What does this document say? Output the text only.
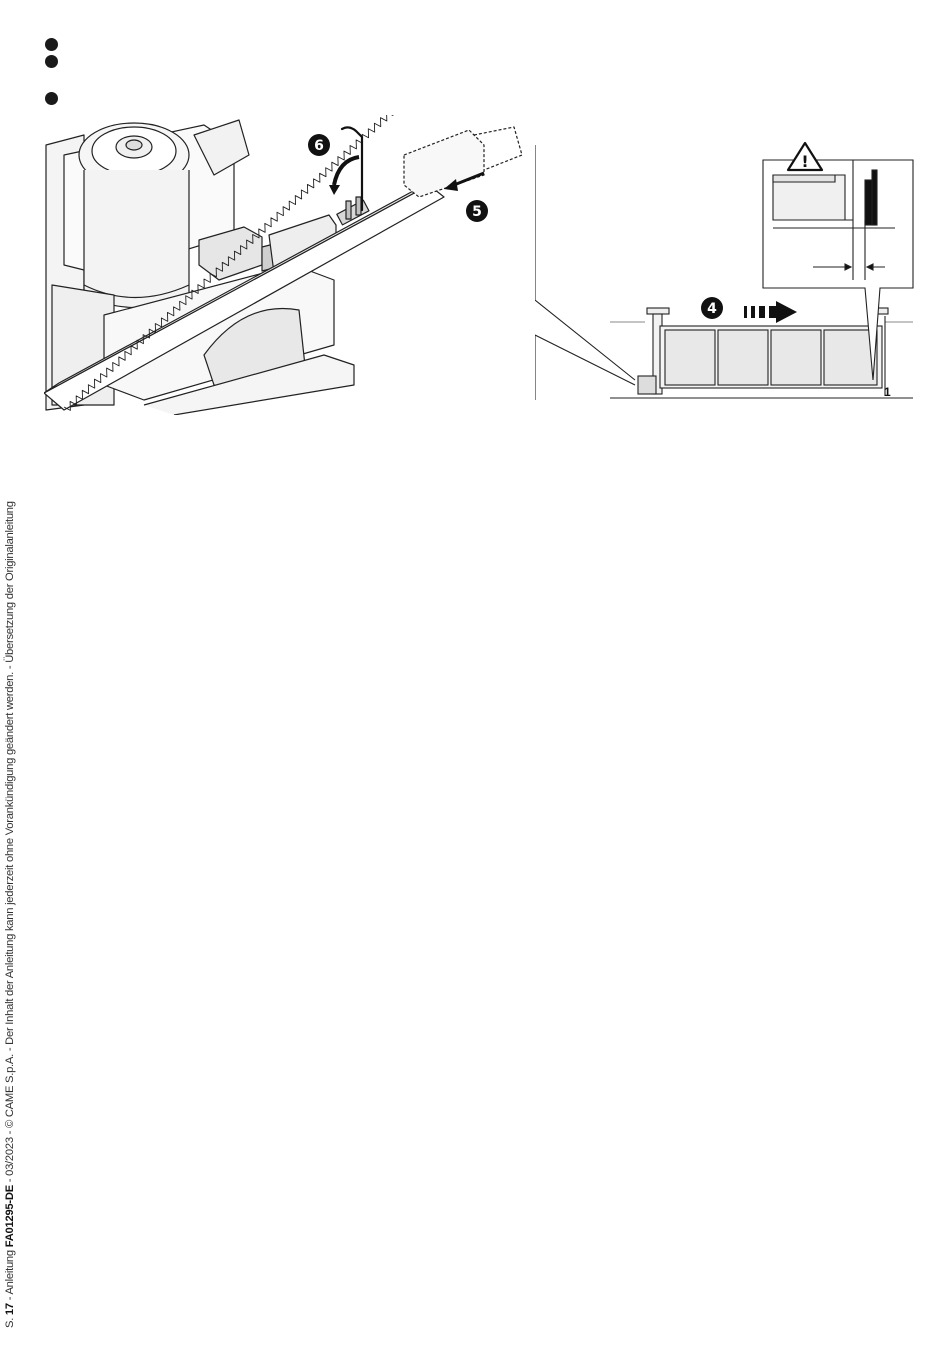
6
5
!
4
1
S. 17 - Anleitung FA01295-DE - 03/2023 - © CAME S.p.A. - Der Inhalt der Anleitung kann jederzeit ohne Vorankündigung geändert werden. - Übersetzung der Originalanleitung
